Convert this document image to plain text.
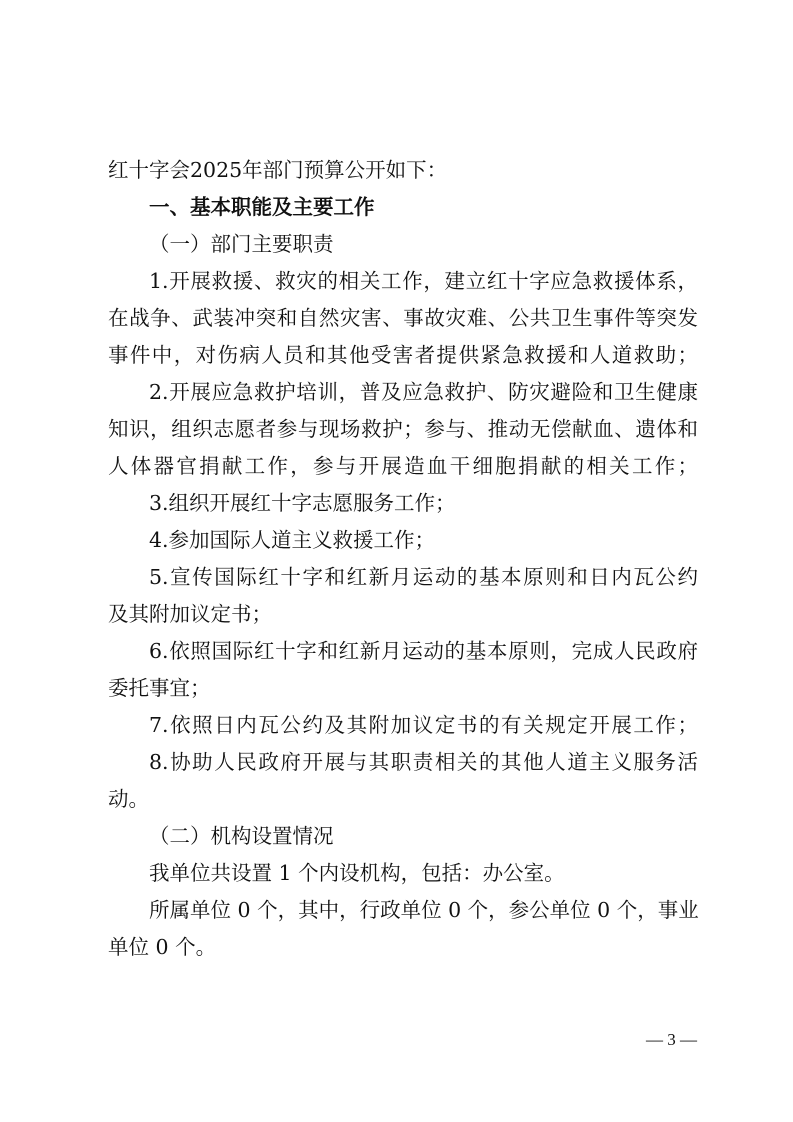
红十字会2025年部门预算公开如下：
一、基本职能及主要工作
（一）部门主要职责
1.开展救援、救灾的相关工作，建立红十字应急救援体系，
在战争、武装冲突和自然灾害、事故灾难、公共卫生事件等突发
事件中，对伤病人员和其他受害者提供紧急救援和人道救助；
2.开展应急救护培训，普及应急救护、防灾避险和卫生健康
知识，组织志愿者参与现场救护；参与、推动无偿献血、遗体和
人体器官捐献工作，参与开展造血干细胞捐献的相关工作；
3.组织开展红十字志愿服务工作；
4.参加国际人道主义救援工作；
5.宣传国际红十字和红新月运动的基本原则和日内瓦公约
及其附加议定书；
6.依照国际红十字和红新月运动的基本原则，完成人民政府
委托事宜；
7.依照日内瓦公约及其附加议定书的有关规定开展工作；
8.协助人民政府开展与其职责相关的其他人道主义服务活
动。
（二）机构设置情况
我单位共设置 1 个内设机构，包括：办公室。
所属单位 0 个，其中，行政单位 0 个，参公单位 0 个，事业
单位 0 个。
— 3 —
